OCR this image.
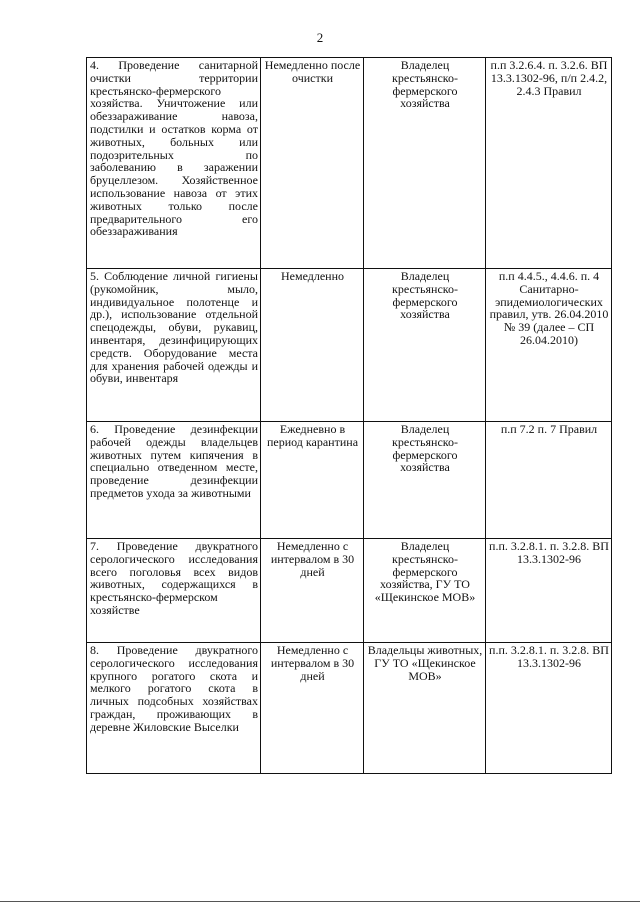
2
4. Проведение санитарной очистки территории крестьянско-фермерского хозяйства. Уничтожение или обеззараживание навоза, подстилки и остатков корма от животных, больных или подозрительных по заболеванию в заражении бруцеллезом. Хозяйственное использование навоза от этих животных только после предварительного его обеззараживания	Немедленно после очистки	Владелец крестьянско-фермерского хозяйства	п.п 3.2.6.4. п. 3.2.6. ВП 13.3.1302-96, п/п 2.4.2, 2.4.3 Правил
5. Соблюдение личной гигиены (рукомойник, мыло, индивидуальное полотенце и др.), использование отдельной спецодежды, обуви, рукавиц, инвентаря, дезинфицирующих средств. Оборудование места для хранения рабочей одежды и обуви, инвентаря	Немедленно	Владелец крестьянско-фермерского хозяйства	п.п 4.4.5., 4.4.6. п. 4 Санитарно-эпидемиологических правил, утв. 26.04.2010 № 39 (далее – СП 26.04.2010)
6. Проведение дезинфекции рабочей одежды владельцев животных путем кипячения в специально отведенном месте, проведение дезинфекции предметов ухода за животными	Ежедневно в период карантина	Владелец крестьянско-фермерского хозяйства	п.п 7.2 п. 7 Правил
7. Проведение двукратного серологического исследования всего поголовья всех видов животных, содержащихся в крестьянско-фермерском хозяйстве	Немедленно с интервалом в 30 дней	Владелец крестьянско-фермерского хозяйства, ГУ ТО «Щекинское МОВ»	п.п. 3.2.8.1. п. 3.2.8. ВП 13.3.1302-96
8. Проведение двукратного серологического исследования крупного рогатого скота и мелкого рогатого скота в личных подсобных хозяйствах граждан, проживающих в деревне Жиловские Выселки	Немедленно с интервалом в 30 дней	Владельцы животных, ГУ ТО «Щекинское МОВ»	п.п. 3.2.8.1. п. 3.2.8. ВП 13.3.1302-96
